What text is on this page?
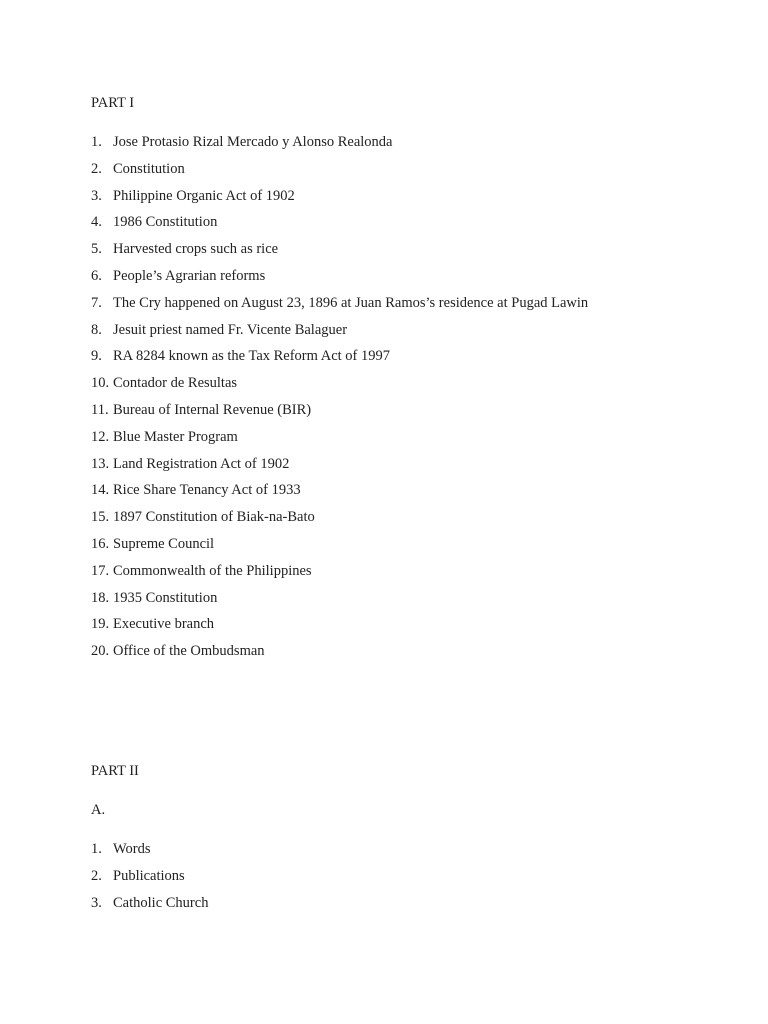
PART I
1. Jose Protasio Rizal Mercado y Alonso Realonda
2. Constitution
3. Philippine Organic Act of 1902
4. 1986 Constitution
5. Harvested crops such as rice
6. People’s Agrarian reforms
7. The Cry happened on August 23, 1896 at Juan Ramos’s residence at Pugad Lawin
8. Jesuit priest named Fr. Vicente Balaguer
9. RA 8284 known as the Tax Reform Act of 1997
10. Contador de Resultas
11. Bureau of Internal Revenue (BIR)
12. Blue Master Program
13. Land Registration Act of 1902
14. Rice Share Tenancy Act of 1933
15. 1897 Constitution of Biak-na-Bato
16. Supreme Council
17. Commonwealth of the Philippines
18. 1935 Constitution
19. Executive branch
20. Office of the Ombudsman
PART II
A.
1. Words
2. Publications
3. Catholic Church
